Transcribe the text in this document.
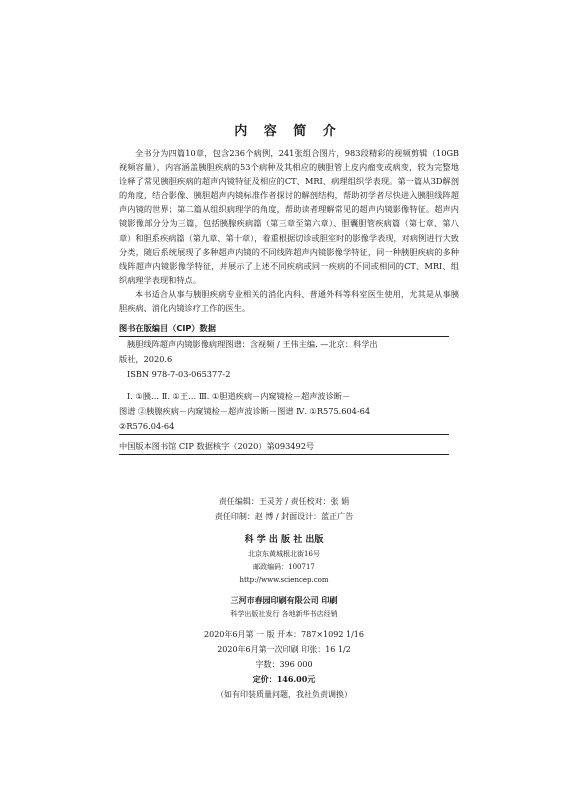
内 容 简 介

全书分为四篇10章，包含236个病例，241张组合图片，983段精彩的视频剪辑（10GB视频容量），内容涵盖胰胆疾病的53个病种及其相应的胰胆管上皮内瘤变或病变，较为完整地诠释了常见胰胆疾病的超声内镜特征及相应的CT、MRI、病理组织学表现。第一篇从3D解剖的角度，结合影像、胰胆超声内镜标准作者探讨的解剖结构，帮助初学者尽快进入胰胆线阵超声内镜的世界；第二篇从组织病理学的角度，帮助读者理解常见的超声内镜影像特征。超声内镜影像部分分为三篇，包括胰腺疾病篇（第三章至第六章）、胆囊胆管疾病篇（第七章、第八章）和胆系疾病篇（第九章、第十章），着重根据切诊或胆室时的影像学表现，对病例进行大致分类，随后系统展现了多种超声内镜的不同线阵超声内镜影像学特征，同一种胰胆疾病的多种线阵超声内镜影像学特征，并展示了上述不同疾病或同一疾病的不同或相同的CT、MRI、组织病理学表现和特点。

本书适合从事与胰胆疾病专业相关的消化内科、普通外科等科室医生使用，尤其是从事胰胆疾病、消化内镜诊疗工作的医生。

图书在版编目（CIP）数据
胰胆线阵超声内镜影像病理图谱：含视频 / 王伟主编. —北京：科学出
版社，2020.6
ISBN 978-7-03-065377-2
Ⅰ. ①胰… Ⅱ. ①王… Ⅲ. ①胆道疾病－内窥镜检－超声波诊断－
图谱 ②胰腺疾病－内窥镜检－超声波诊断－图谱 Ⅳ. ①R575.604-64
②R576.04-64
中国版本图书馆 CIP 数据核字（2020）第093492号
责任编辑：王灵芳 / 责任校对：张 娟
责任印制：赵 博 / 封面设计：蓝正广告
科 学 出 版 社 出版
北京东黄城根北街16号
邮政编码：100717
http://www.sciencep.com
三河市春园印刷有限公司 印刷
科学出版社发行 各地新华书店经销
2020年6月第 一 版 开本：787×1092 1/16
2020年6月第一次印刷 印张：16 1/2
字数：396 000
定价：146.00元
（如有印装质量问题，我社负责调换）
